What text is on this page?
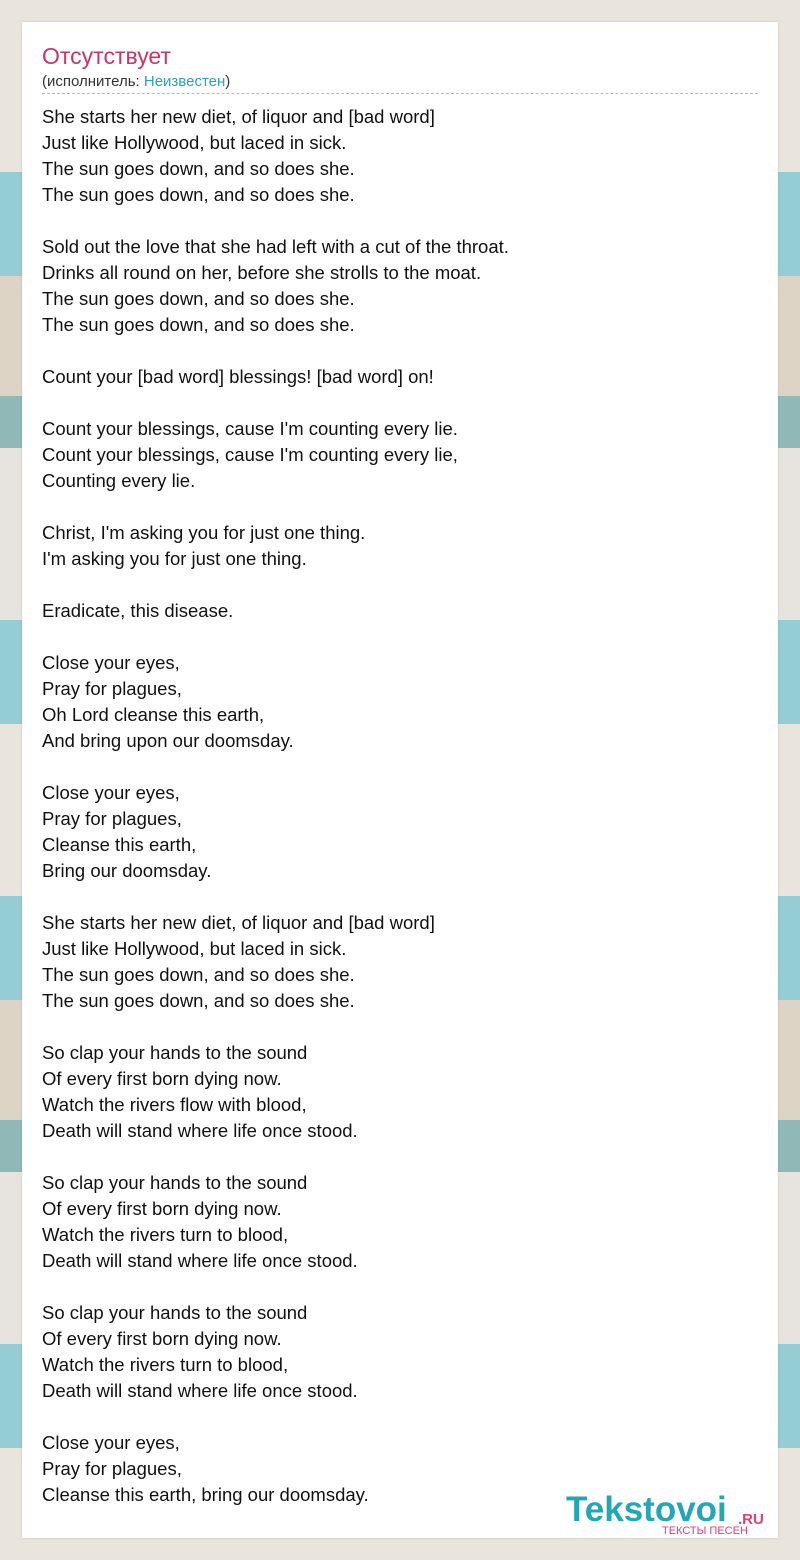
Отсутствует
(исполнитель: Неизвестен)
She starts her new diet, of liquor and [bad word]
Just like Hollywood, but laced in sick.
The sun goes down, and so does she.
The sun goes down, and so does she.
Sold out the love that she had left with a cut of the throat.
Drinks all round on her, before she strolls to the moat.
The sun goes down, and so does she.
The sun goes down, and so does she.
Count your [bad word] blessings! [bad word] on!
Count your blessings, cause I'm counting every lie.
Count your blessings, cause I'm counting every lie,
Counting every lie.
Christ, I'm asking you for just one thing.
I'm asking you for just one thing.
Eradicate, this disease.
Close your eyes,
Pray for plagues,
Oh Lord cleanse this earth,
And bring upon our doomsday.
Close your eyes,
Pray for plagues,
Cleanse this earth,
Bring our doomsday.
She starts her new diet, of liquor and [bad word]
Just like Hollywood, but laced in sick.
The sun goes down, and so does she.
The sun goes down, and so does she.
So clap your hands to the sound
Of every first born dying now.
Watch the rivers flow with blood,
Death will stand where life once stood.
So clap your hands to the sound
Of every first born dying now.
Watch the rivers turn to blood,
Death will stand where life once stood.
So clap your hands to the sound
Of every first born dying now.
Watch the rivers turn to blood,
Death will stand where life once stood.
Close your eyes,
Pray for plagues,
Cleanse this earth, bring our doomsday.	Tekstovoi .RU
ТЕКСТЫ ПЕСЕН
